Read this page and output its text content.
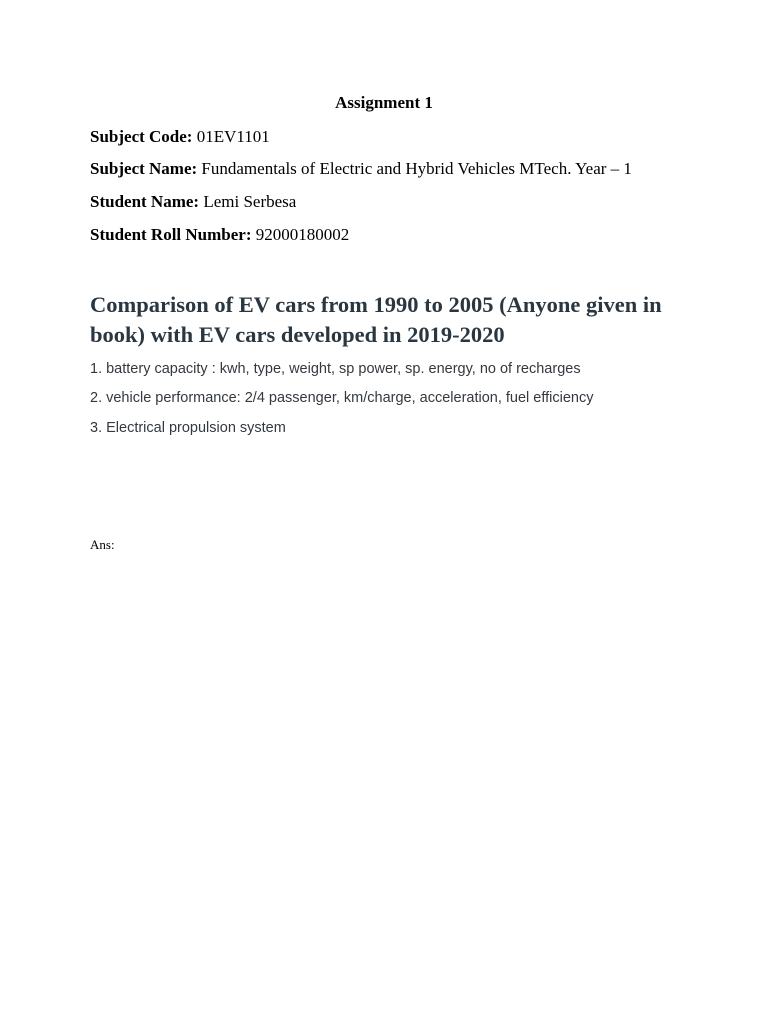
Assignment 1

Subject Code: 01EV1101

Subject Name: Fundamentals of Electric and Hybrid Vehicles MTech. Year – 1

Student Name: Lemi Serbesa

Student Roll Number: 92000180002

Comparison of EV cars from 1990 to 2005 (Anyone given in book) with EV cars developed in 2019-2020

1. battery capacity : kwh, type, weight, sp power, sp. energy, no of recharges

2. vehicle performance: 2/4 passenger, km/charge, acceleration, fuel efficiency

3. Electrical propulsion system

Ans:
